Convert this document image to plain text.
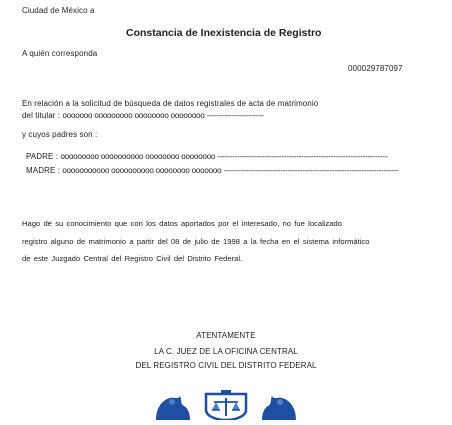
Ciudad de México a
Constancia de Inexistencia de Registro
A quién corresponda
000029787097
En relación a la solicitud de búsqueda de datos registrales de acta de matrimonio
del titular : ooooooo ooooooooo oooooooo oooooooo -----------------------
y cuyos padres son :
PADRE : ooooooooo oooooooooo oooooooo oooooooo ---------------------------------------------------------------------
MADRE : ooooooooooo oooooooooo oooooooo ooooooo -----------------------------------------------------------------------
Hago de su conocimiento que con los datos aportados por el interesado, no fue localizado
registro alguno de matrimonio a partir del 08 de julio de 1998 a la fecha en el sistema informático
de este Juzgado Central del Registro Civil del Distrito Federal.
ATENTAMENTE
LA C. JUEZ DE LA OFICINA CENTRAL
DEL REGISTRO CIVIL DEL DISTRITO FEDERAL
